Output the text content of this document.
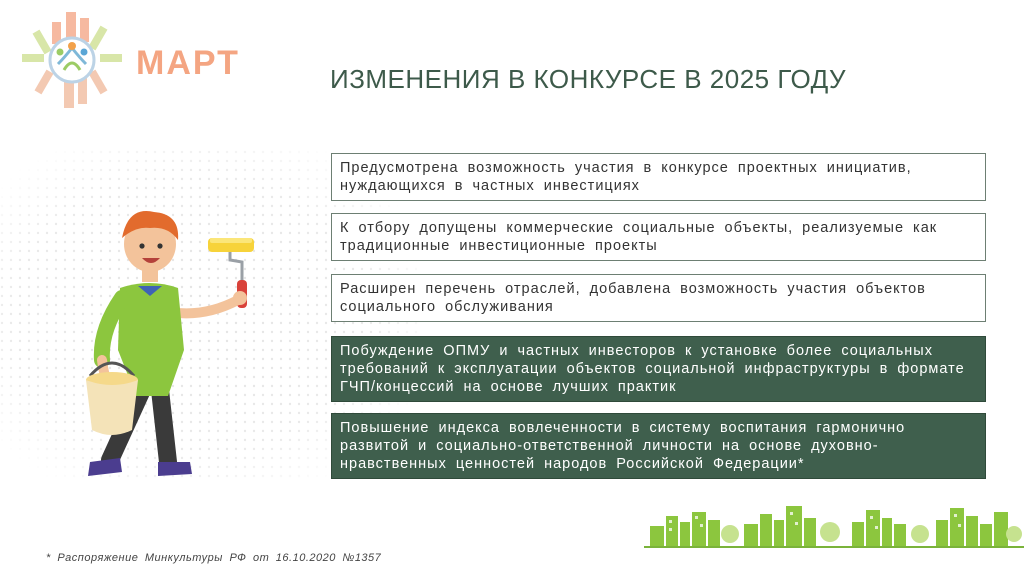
МАРТ	ИЗМЕНЕНИЯ В КОНКУРСЕ В 2025 ГОДУ
Предусмотрена возможность участия в конкурсе проектных инициатив, нуждающихся в частных инвестициях
К отбору допущены коммерческие социальные объекты, реализуемые как традиционные инвестиционные проекты
Расширен перечень отраслей, добавлена возможность участия объектов социального обслуживания
Побуждение ОПМУ и частных инвесторов к установке более социальных требований к эксплуатации объектов социальной инфраструктуры в формате ГЧП/концессий на основе лучших практик
Повышение индекса вовлеченности в систему воспитания гармонично развитой и социально-ответственной личности на основе духовно-нравственных ценностей народов Российской Федерации*
* Распоряжение Минкультуры РФ от 16.10.2020 №1357
